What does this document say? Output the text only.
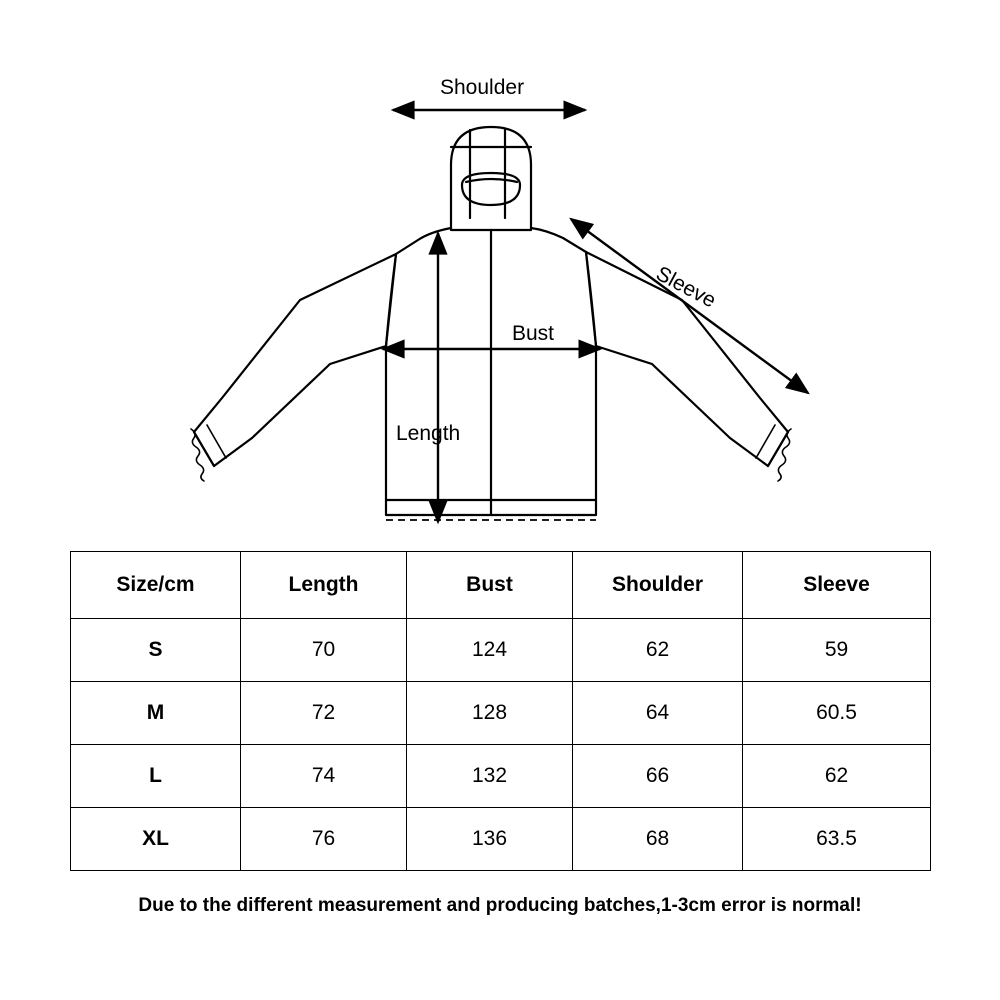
Shoulder
Sleeve
Bust
Length
Size/cm	Length	Bust	Shoulder	Sleeve
S	70	124	62	59
M	72	128	64	60.5
L	74	132	66	62
XL	76	136	68	63.5
Due to the different measurement and producing batches,1-3cm error is normal!
